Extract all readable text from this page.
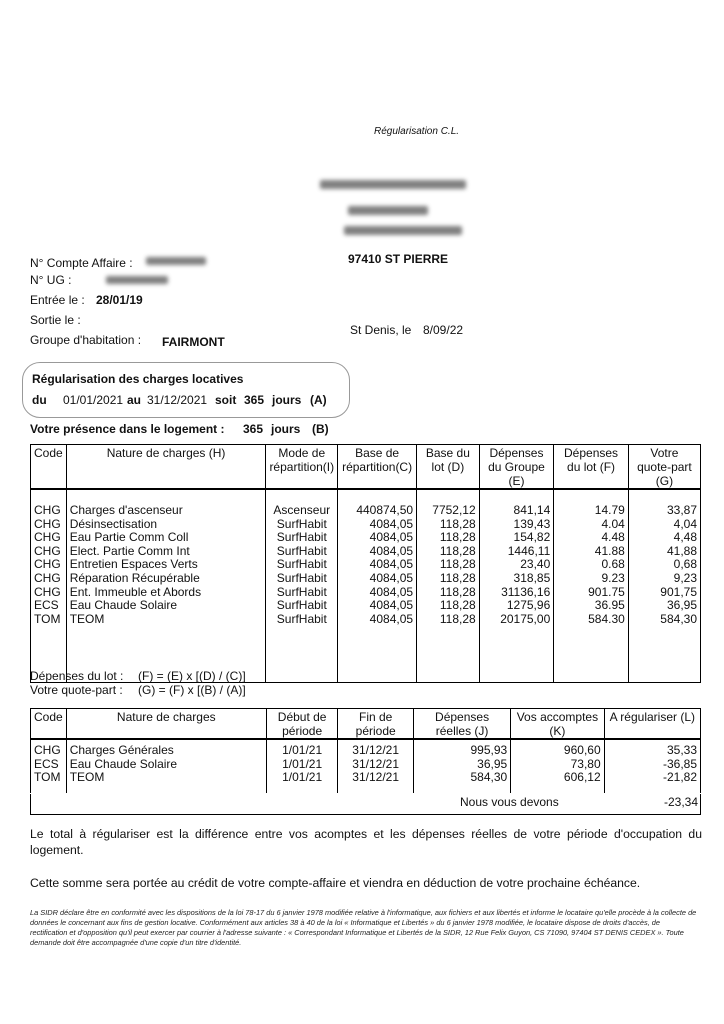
Régularisation C.L.
97410 ST PIERRE
N° Compte Affaire :
N° UG :
Entrée le : 28/01/19
Sortie le :
Groupe d'habitation : FAIRMONT
St Denis, le 8/09/22
Régularisation des charges locatives
du 01/01/2021 au 31/12/2021 soit 365 jours (A)
Votre présence dans le logement : 365 jours (B)
Code	Nature de charges (H)	Mode de répartition(I)	Base de répartition(C)	Base du lot (D)	Dépenses du Groupe (E)	Dépenses du lot (F)	Votre quote-part (G)
CHG	Charges d'ascenseur	Ascenseur	440874,50	7752,12	841,14	14.79	33,87
CHG	Désinsectisation	SurfHabit	4084,05	118,28	139,43	4.04	4,04
CHG	Eau Partie Comm Coll	SurfHabit	4084,05	118,28	154,82	4.48	4,48
CHG	Elect. Partie Comm Int	SurfHabit	4084,05	118,28	1446,11	41.88	41,88
CHG	Entretien Espaces Verts	SurfHabit	4084,05	118,28	23,40	0.68	0,68
CHG	Réparation Récupérable	SurfHabit	4084,05	118,28	318,85	9.23	9,23
CHG	Ent. Immeuble et Abords	SurfHabit	4084,05	118,28	31136,16	901.75	901,75
ECS	Eau Chaude Solaire	SurfHabit	4084,05	118,28	1275,96	36.95	36,95
TOM	TEOM	SurfHabit	4084,05	118,28	20175,00	584.30	584,30

Dépenses du lot : (F) = (E) x [(D) / (C)]
Votre quote-part : (G) = (F) x [(B) / (A)]
Code	Nature de charges	Début de période	Fin de période	Dépenses réelles (J)	Vos accomptes (K)	A régulariser (L)
CHG	Charges Générales	1/01/21	31/12/21	995,93	960,60	35,33
ECS	Eau Chaude Solaire	1/01/21	31/12/21	36,95	73,80	-36,85
TOM	TEOM	1/01/21	31/12/21	584,30	606,12	-21,82

Nous vous devons	-23,34
Le total à régulariser est la différence entre vos acomptes et les dépenses réelles de votre période d'occupation du logement.
Cette somme sera portée au crédit de votre compte-affaire et viendra en déduction de votre prochaine échéance.
La SIDR déclare être en conformité avec les dispositions de la loi 78-17 du 6 janvier 1978 modifiée relative à l'informatique, aux fichiers et aux libertés et informe le locataire qu'elle procède à la collecte de données le concernant aux fins de gestion locative. Conformément aux articles 38 à 40 de la loi « Informatique et Libertés » du 6 janvier 1978 modifiée, le locataire dispose de droits d'accès, de rectification et d'opposition qu'il peut exercer par courrier à l'adresse suivante : « Correspondant Informatique et Libertés de la SIDR, 12 Rue Felix Guyon, CS 71090, 97404 ST DENIS CEDEX ». Toute demande doit être accompagnée d'une copie d'un titre d'identité.
